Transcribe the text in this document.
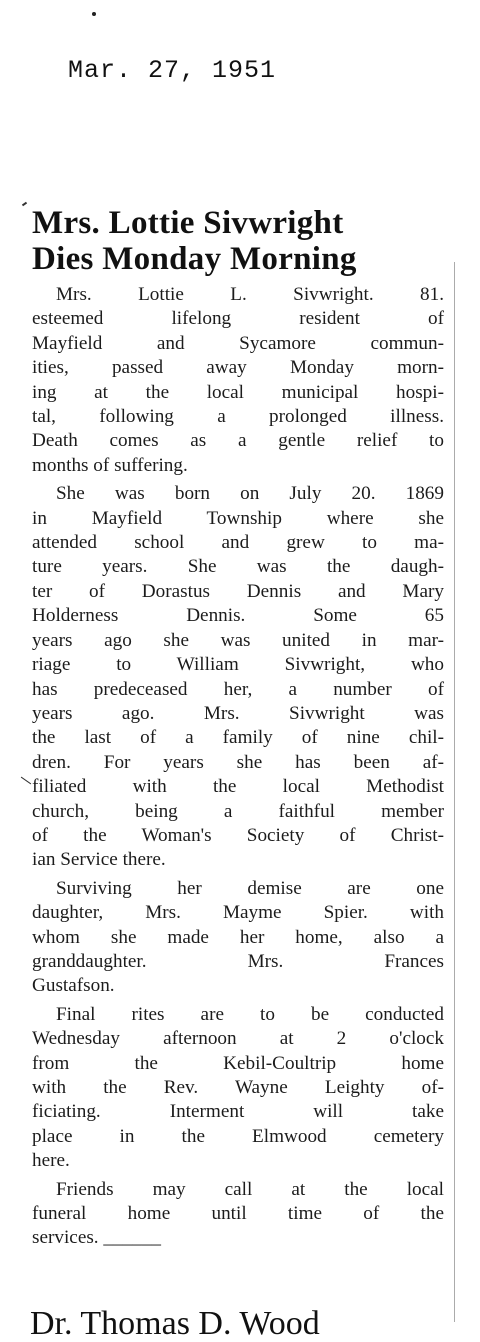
Mar. 27, 1951
Mrs. Lottie Sivwright
Dies Monday Morning
Mrs. Lottie L. Sivwright. 81.
esteemed lifelong resident of
Mayfield and Sycamore commun-
ities, passed away Monday morn-
ing at the local municipal hospi-
tal, following a prolonged illness.
Death comes as a gentle relief to
months of suffering.
She was born on July 20. 1869
in Mayfield Township where she
attended school and grew to ma-
ture years. She was the daugh-
ter of Dorastus Dennis and Mary
Holderness Dennis. Some 65
years ago she was united in mar-
riage to William Sivwright, who
has predeceased her, a number of
years ago. Mrs. Sivwright was
the last of a family of nine chil-
dren. For years she has been af-
filiated with the local Methodist
church, being a faithful member
of the Woman's Society of Christ-
ian Service there.
Surviving her demise are one
daughter, Mrs. Mayme Spier. with
whom she made her home, also a
granddaughter. Mrs. Frances
Gustafson.
Final rites are to be conducted
Wednesday afternoon at 2 o'clock
from the Kebil-Coultrip home
with the Rev. Wayne Leighty of-
ficiating. Interment will take
place in the Elmwood cemetery
here.
Friends may call at the local
funeral home until time of the
services. ______
Dr. Thomas D. Wood
